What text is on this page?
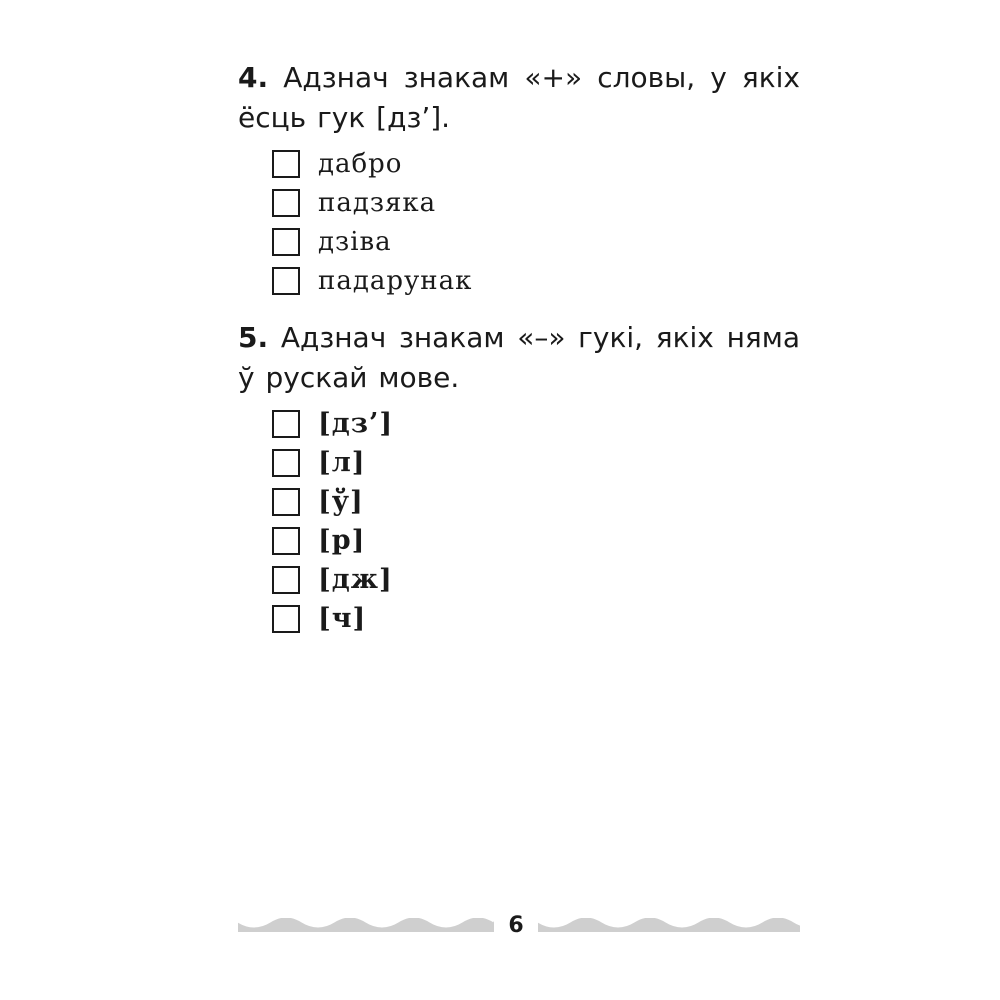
4. Адзнач знакам «+» словы, у якіх ёсць гук [дз’].

дабро
падзяка
дзіва
падарунак

5. Адзнач знакам «–» гукі, якіх няма ў рускай мове.

[дз’]
[л]
[ў]
[р]
[дж]
[ч]
6
